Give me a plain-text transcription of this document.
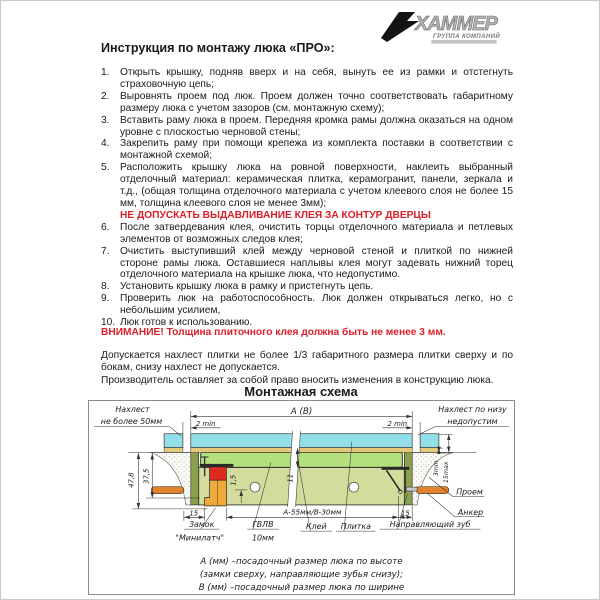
ХАММЕР
ГРУППА КОМПАНИЙ
Инструкция по монтажу люка «ПРО»:
1.	Открыть крышку, подняв вверх и на себя, вынуть ее из рамки и отстегнуть страховочную цепь;
2.	Выровнять проем под люк. Проем должен точно соответствовать габаритному размеру люка с учетом зазоров (см. монтажную схему);
3.	Вставить раму люка в проем. Передняя кромка рамы должна оказаться на одном уровне с плоскостью черновой стены;
4.	Закрепить раму при помощи крепежа из комплекта поставки в соответствии с монтажной схемой;
5.	Расположить крышку люка на ровной поверхности, наклеить выбранный отделочный материал: керамическая плитка, керамогранит, панели, зеркала и т.д., (общая толщина отделочного материала с учетом клеевого слоя не более 15 мм, толщина клеевого слоя не менее 3мм);
НЕ ДОПУСКАТЬ ВЫДАВЛИВАНИЕ КЛЕЯ ЗА КОНТУР ДВЕРЦЫ
6.	После затвердевания клея, очистить торцы отделочного материала и петлевых элементов от возможных следов клея;
7.	Очистить выступивший клей между черновой стеной и плиткой по нижней стороне рамы люка. Оставшиеся наплывы клея могут задевать нижний торец отделочного материала на крышке люка, что недопустимо.
8.	Установить крышку люка в рамку и пристегнуть цепь.
9.	Проверить люк на работоспособность. Люк должен открываться легко, но с небольшим усилием,
10. Люк готов к использованию.
ВНИМАНИЕ! Толщина плиточного клея должна быть не менее 3 мм.
Допускается нахлест плитки не более 1/3 габаритного размера плитки сверху и по бокам, снизу нахлест не допускается.
Производитель оставляет за собой право вносить изменения в конструкцию люка.
Монтажная схема
Нахлест
не более 50мм
Нахлест по низу
недопустим
А (В)
2 min	2 min
47,8 37,5	1,5	11
15	15
А-55мм/В-30мм
3min 15max
Замок
"Минилатч"
ГВЛВ
10мм
Клей Плитка Направляющий зуб
Проем
Анкер
А (мм) –посадочный размер люка по высоте
(замки сверху, направляющие зубья снизу);
В (мм) –посадочный размер люка по ширине
